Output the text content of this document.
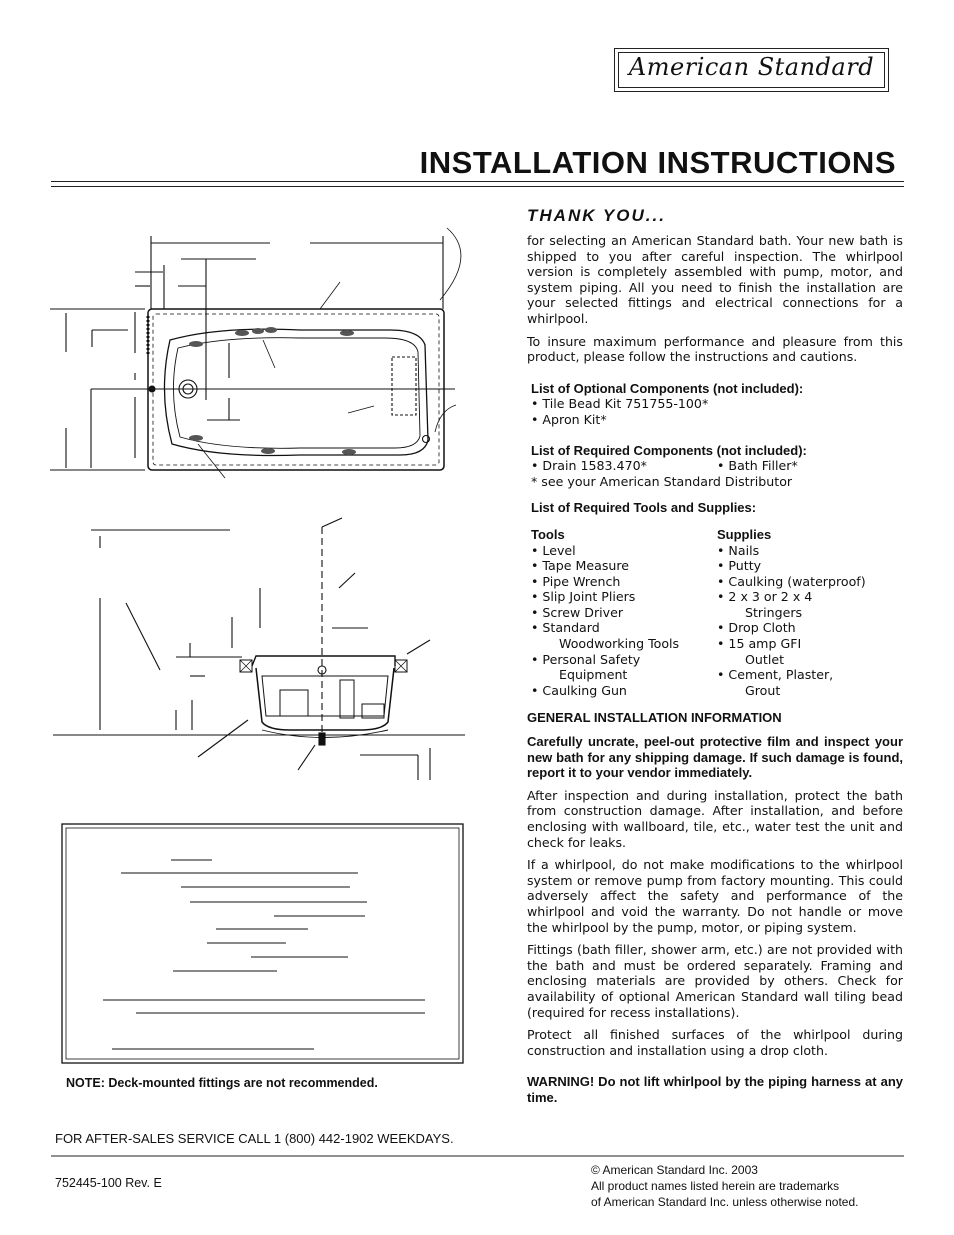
American Standard
INSTALLATION INSTRUCTIONS
THANK YOU...

for selecting an American Standard bath. Your new bath is shipped to you after careful inspection. The whirlpool version is completely assembled with pump, motor, and system piping. All you need to finish the installation are your selected fittings and electrical connections for a whirlpool.

To insure maximum performance and pleasure from this product, please follow the instructions and cautions.

List of Optional Components (not included):
• Tile Bead Kit 751755-100*
• Apron Kit*
List of Required Components (not included):
• Drain 1583.470*	• Bath Filler*
* see your American Standard Distributor
List of Required Tools and Supplies:
Tools
• Level
• Tape Measure
• Pipe Wrench
• Slip Joint Pliers
• Screw Driver
• Standard
Woodworking Tools
• Personal Safety
Equipment
• Caulking Gun
Supplies
• Nails
• Putty
• Caulking (waterproof)
• 2 x 3 or 2 x 4
Stringers
• Drop Cloth
• 15 amp GFI
Outlet
• Cement, Plaster,
Grout
GENERAL INSTALLATION INFORMATION

Carefully uncrate, peel-out protective film and inspect your new bath for any shipping damage. If such damage is found, report it to your vendor immediately.

After inspection and during installation, protect the bath from construction damage. After installation, and before enclosing with wallboard, tile, etc., water test the unit and check for leaks.

If a whirlpool, do not make modifications to the whirlpool system or remove pump from factory mounting. This could adversely affect the safety and performance of the whirlpool and void the warranty. Do not handle or move the whirlpool by the pump, motor, or piping system.

Fittings (bath filler, shower arm, etc.) are not provided with the bath and must be ordered separately. Framing and enclosing materials are provided by others. Check for availability of optional American Standard wall tiling bead (required for recess installations).

Protect all finished surfaces of the whirlpool during construction and installation using a drop cloth.

WARNING! Do not lift whirlpool by the piping harness at any time.

NOTE: Deck-mounted fittings are not recommended.
FOR AFTER-SALES SERVICE CALL 1 (800) 442-1902 WEEKDAYS.
752445-100 Rev. E
© American Standard Inc. 2003
All product names listed herein are trademarks
of American Standard Inc. unless otherwise noted.
